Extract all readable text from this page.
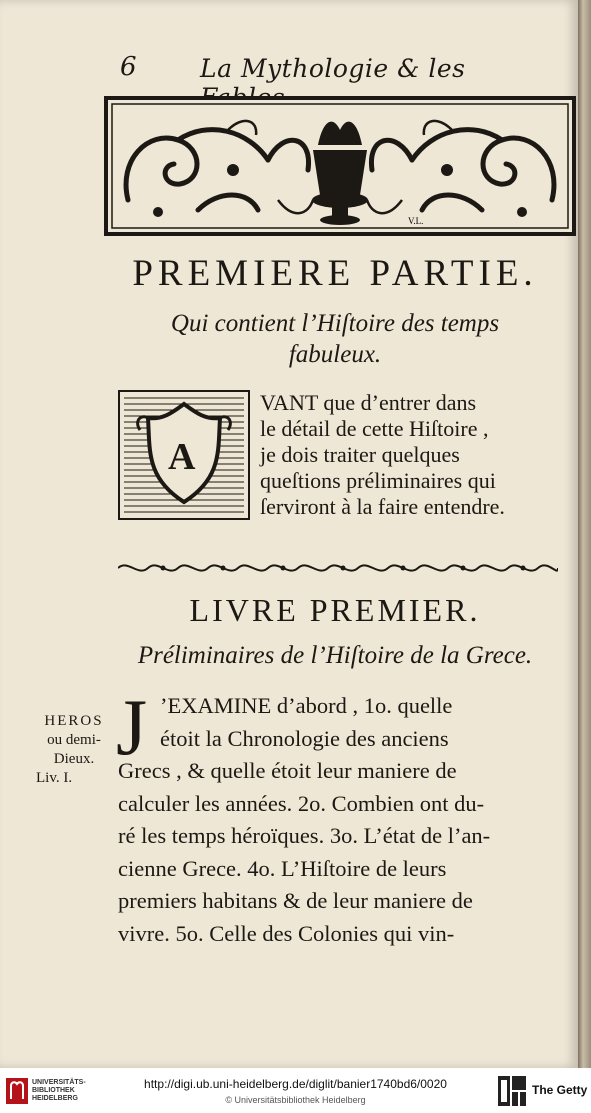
6	La Mythologie & les
V.L.
PREMIERE PARTIE.
Qui contient l’Hiſtoire des temps
fabuleux.
A
VANT que d’entrer dans
le détail de cette Hiſtoire ,
je dois traiter quelques
queſtions préliminaires qui
ſerviront à la faire entendre.
LIVRE PREMIER.
Préliminaires de l’Hiſtoire de la Grece.
HEROS
ou demi-
Dieux.
Liv. I.
J ’EXAMINE d’abord , 1o. quelle
étoit la Chronologie des anciens
Grecs , & quelle étoit leur maniere de
calculer les années. 2o. Combien ont du-
ré les temps héroïques. 3o. L’état de l’an-
cienne Grece. 4o. L’Hiſtoire de leurs
premiers habitans & de leur maniere de
vivre. 5o. Celle des Colonies qui vin-
UNIVERSITÄTS-
BIBLIOTHEK
HEIDELBERG
http://digi.ub.uni-heidelberg.de/diglit/banier1740bd6/0020
© Universitätsbibliothek Heidelberg
The Getty
